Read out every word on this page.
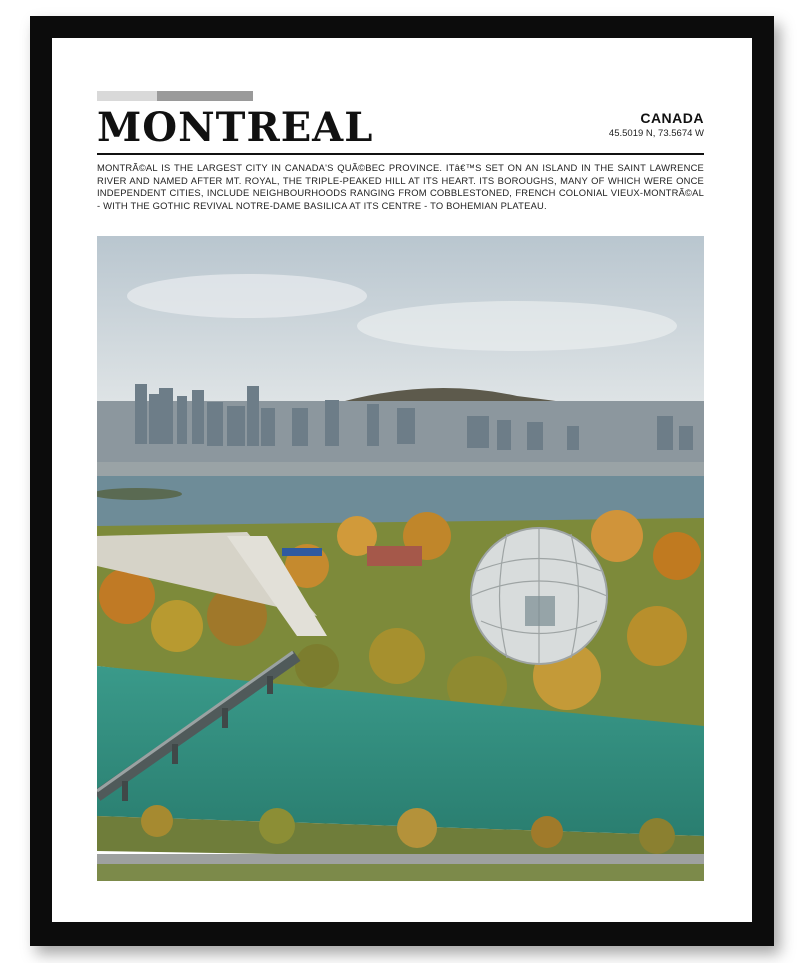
MONTREAL	CANADA
45.5019 N, 73.5674 W
MONTRÃ©AL IS THE LARGEST CITY IN CANADA'S QUÃ©BEC PROVINCE. ITâ€™S SET ON AN ISLAND IN THE SAINT LAWRENCE RIVER AND NAMED AFTER MT. ROYAL, THE TRIPLE-PEAKED HILL AT ITS HEART. ITS BOROUGHS, MANY OF WHICH WERE ONCE INDEPENDENT CITIES, INCLUDE NEIGHBOURHOODS RANGING FROM COBBLESTONED, FRENCH COLONIAL VIEUX-MONTRÃ©AL - WITH THE GOTHIC REVIVAL NOTRE-DAME BASILICA AT ITS CENTRE - TO BOHEMIAN PLATEAU.
